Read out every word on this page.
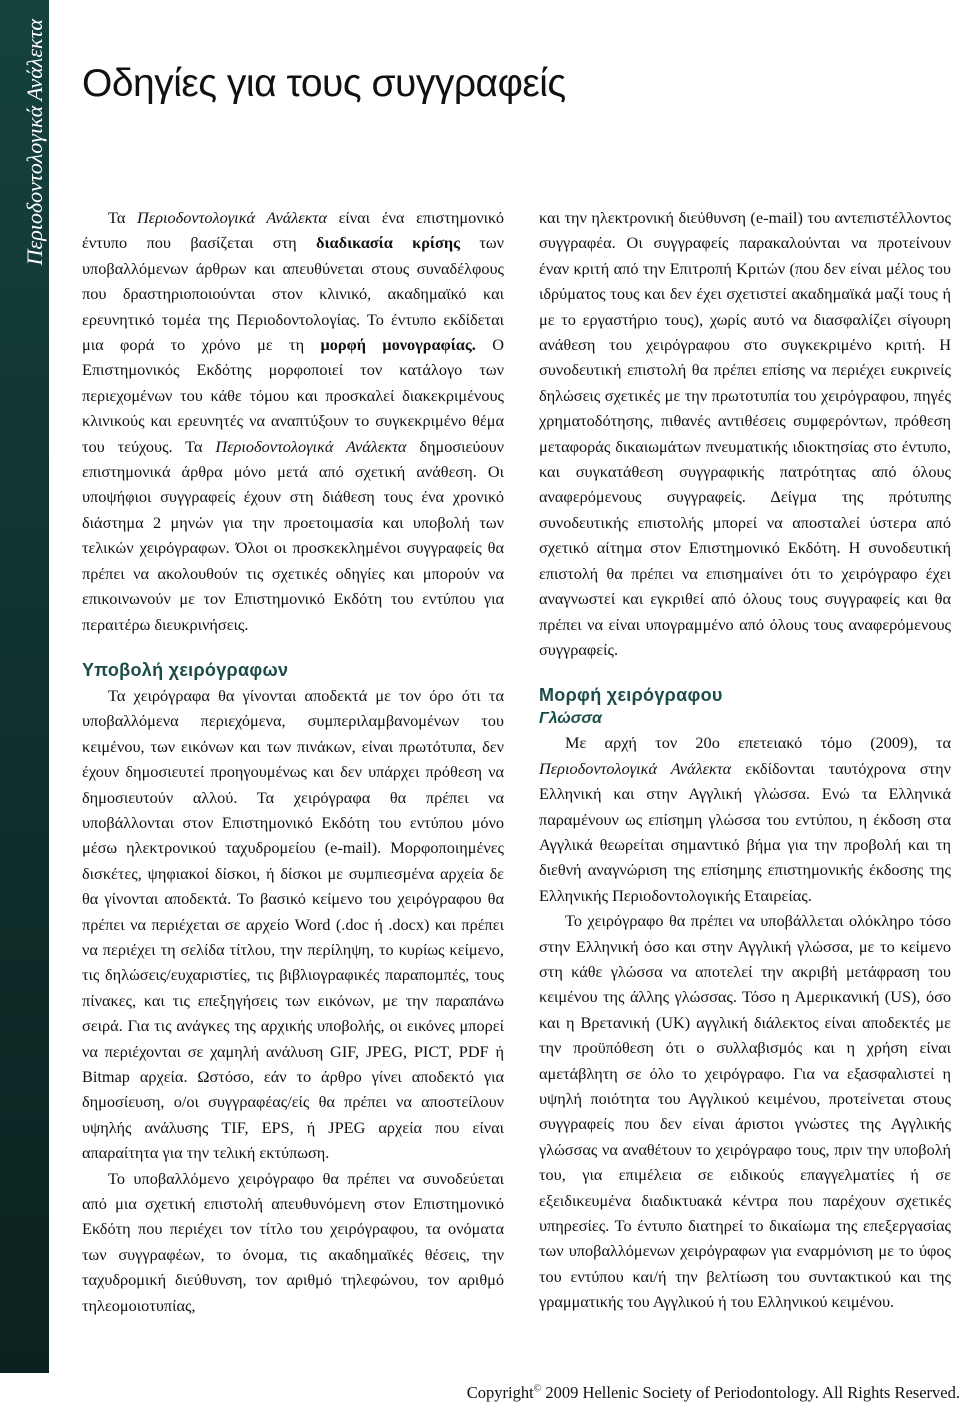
Περιοδοντολογικά Ανάλεκτα Οδηγίες για τους συγγραφείς

Τα Περιοδοντολογικά Ανάλεκτα είναι ένα επιστημονικό έντυπο που βασίζεται στη διαδικασία κρίσης των υποβαλλόμενων άρθρων και απευθύνεται στους συναδέλφους που δραστηριοποιούνται στον κλινικό, ακαδημαϊκό και ερευνητικό τομέα της Περιοδοντολογίας. Το έντυπο εκδίδεται μια φορά το χρόνο με τη μορφή μονογραφίας. Ο Επιστημονικός Εκδότης μορφοποιεί τον κατάλογο των περιεχομένων του κάθε τόμου και προσκαλεί διακεκριμένους κλινικούς και ερευνητές να αναπτύξουν το συγκεκριμένο θέμα του τεύχους. Τα Περιοδοντολογικά Ανάλεκτα δημοσιεύουν επιστημονικά άρθρα μόνο μετά από σχετική ανάθεση. Οι υποψήφιοι συγγραφείς έχουν στη διάθεση τους ένα χρονικό διάστημα 2 μηνών για την προετοιμασία και υποβολή των τελικών χειρόγραφων. Όλοι οι προσκεκλημένοι συγγραφείς θα πρέπει να ακολουθούν τις σχετικές οδηγίες και μπορούν να επικοινωνούν με τον Επιστημονικό Εκδότη του εντύπου για περαιτέρω διευκρινήσεις.

Υποβολή χειρόγραφων

Τα χειρόγραφα θα γίνονται αποδεκτά με τον όρο ότι τα υποβαλλόμενα περιεχόμενα, συμπεριλαμβανομένων του κειμένου, των εικόνων και των πινάκων, είναι πρωτότυπα, δεν έχουν δημοσιευτεί προηγουμένως και δεν υπάρχει πρόθεση να δημοσιευτούν αλλού. Τα χειρόγραφα θα πρέπει να υποβάλλονται στον Επιστημονικό Εκδότη του εντύπου μόνο μέσω ηλεκτρονικού ταχυδρομείου (e-mail). Μορφοποιημένες δισκέτες, ψηφιακοί δίσκοι, ή δίσκοι με συμπιεσμένα αρχεία δε θα γίνονται αποδεκτά. Το βασικό κείμενο του χειρόγραφου θα πρέπει να περιέχεται σε αρχείο Word (.doc ή .docx) και πρέπει να περιέχει τη σελίδα τίτλου, την περίληψη, το κυρίως κείμενο, τις δηλώσεις/ευχαριστίες, τις βιβλιογραφικές παραπομπές, τους πίνακες, και τις επεξηγήσεις των εικόνων, με την παραπάνω σειρά. Για τις ανάγκες της αρχικής υποβολής, οι εικόνες μπορεί να περιέχονται σε χαμηλή ανάλυση GIF, JPEG, PICT, PDF ή Bitmap αρχεία. Ωστόσο, εάν το άρθρο γίνει αποδεκτό για δημοσίευση, ο/οι συγγραφέας/είς θα πρέπει να αποστείλουν υψηλής ανάλυσης TIF, EPS, ή JPEG αρχεία που είναι απαραίτητα για την τελική εκτύπωση.

Το υποβαλλόμενο χειρόγραφο θα πρέπει να συνοδεύεται από μια σχετική επιστολή απευθυνόμενη στον Επιστημονικό Εκδότη που περιέχει τον τίτλο του χειρόγραφου, τα ονόματα των συγγραφέων, το όνομα, τις ακαδημαϊκές θέσεις, την ταχυδρομική διεύθυνση, τον αριθμό τηλεφώνου, τον αριθμό τηλεομοιοτυπίας,

και την ηλεκτρονική διεύθυνση (e-mail) του αντεπιστέλλοντος συγγραφέα. Οι συγγραφείς παρακαλούνται να προτείνουν έναν κριτή από την Επιτροπή Κριτών (που δεν είναι μέλος του ιδρύματος τους και δεν έχει σχετιστεί ακαδημαϊκά μαζί τους ή με το εργαστήριο τους), χωρίς αυτό να διασφαλίζει σίγουρη ανάθεση του χειρόγραφου στο συγκεκριμένο κριτή. Η συνοδευτική επιστολή θα πρέπει επίσης να περιέχει ευκρινείς δηλώσεις σχετικές με την πρωτοτυπία του χειρόγραφου, πηγές χρηματοδότησης, πιθανές αντιθέσεις συμφερόντων, πρόθεση μεταφοράς δικαιωμάτων πνευματικής ιδιοκτησίας στο έντυπο, και συγκατάθεση συγγραφικής πατρότητας από όλους αναφερόμενους συγγραφείς. Δείγμα της πρότυπης συνοδευτικής επιστολής μπορεί να αποσταλεί ύστερα από σχετικό αίτημα στον Επιστημονικό Εκδότη. Η συνοδευτική επιστολή θα πρέπει να επισημαίνει ότι το χειρόγραφο έχει αναγνωστεί και εγκριθεί από όλους τους συγγραφείς και θα πρέπει να είναι υπογραμμένο από όλους τους αναφερόμενους συγγραφείς.

Μορφή χειρόγραφου
Γλώσσα

Με αρχή τον 20ο επετειακό τόμο (2009), τα Περιοδοντολογικά Ανάλεκτα εκδίδονται ταυτόχρονα στην Ελληνική και στην Αγγλική γλώσσα. Ενώ τα Ελληνικά παραμένουν ως επίσημη γλώσσα του εντύπου, η έκδοση στα Αγγλικά θεωρείται σημαντικό βήμα για την προβολή και τη διεθνή αναγνώριση της επίσημης επιστημονικής έκδοσης της Ελληνικής Περιοδοντολογικής Εταιρείας.

Το χειρόγραφο θα πρέπει να υποβάλλεται ολόκληρο τόσο στην Ελληνική όσο και στην Αγγλική γλώσσα, με το κείμενο στη κάθε γλώσσα να αποτελεί την ακριβή μετάφραση του κειμένου της άλλης γλώσσας. Τόσο η Αμερικανική (US), όσο και η Βρετανική (UK) αγγλική διάλεκτος είναι αποδεκτές με την προϋπόθεση ότι ο συλλαβισμός και η χρήση είναι αμετάβλητη σε όλο το χειρόγραφο. Για να εξασφαλιστεί η υψηλή ποιότητα του Αγγλικού κειμένου, προτείνεται στους συγγραφείς που δεν είναι άριστοι γνώστες της Αγγλικής γλώσσας να αναθέτουν το χειρόγραφο τους, πριν την υποβολή του, για επιμέλεια σε ειδικούς επαγγελματίες ή σε εξειδικευμένα διαδικτυακά κέντρα που παρέχουν σχετικές υπηρεσίες. Το έντυπο διατηρεί το δικαίωμα της επεξεργασίας των υποβαλλόμενων χειρόγραφων για εναρμόνιση με το ύφος του εντύπου και/ή την βελτίωση του συντακτικού και της γραμματικής του Αγγλικού ή του Ελληνικού κειμένου.

Copyright© 2009 Hellenic Society of Periodontology. All Rights Reserved.
